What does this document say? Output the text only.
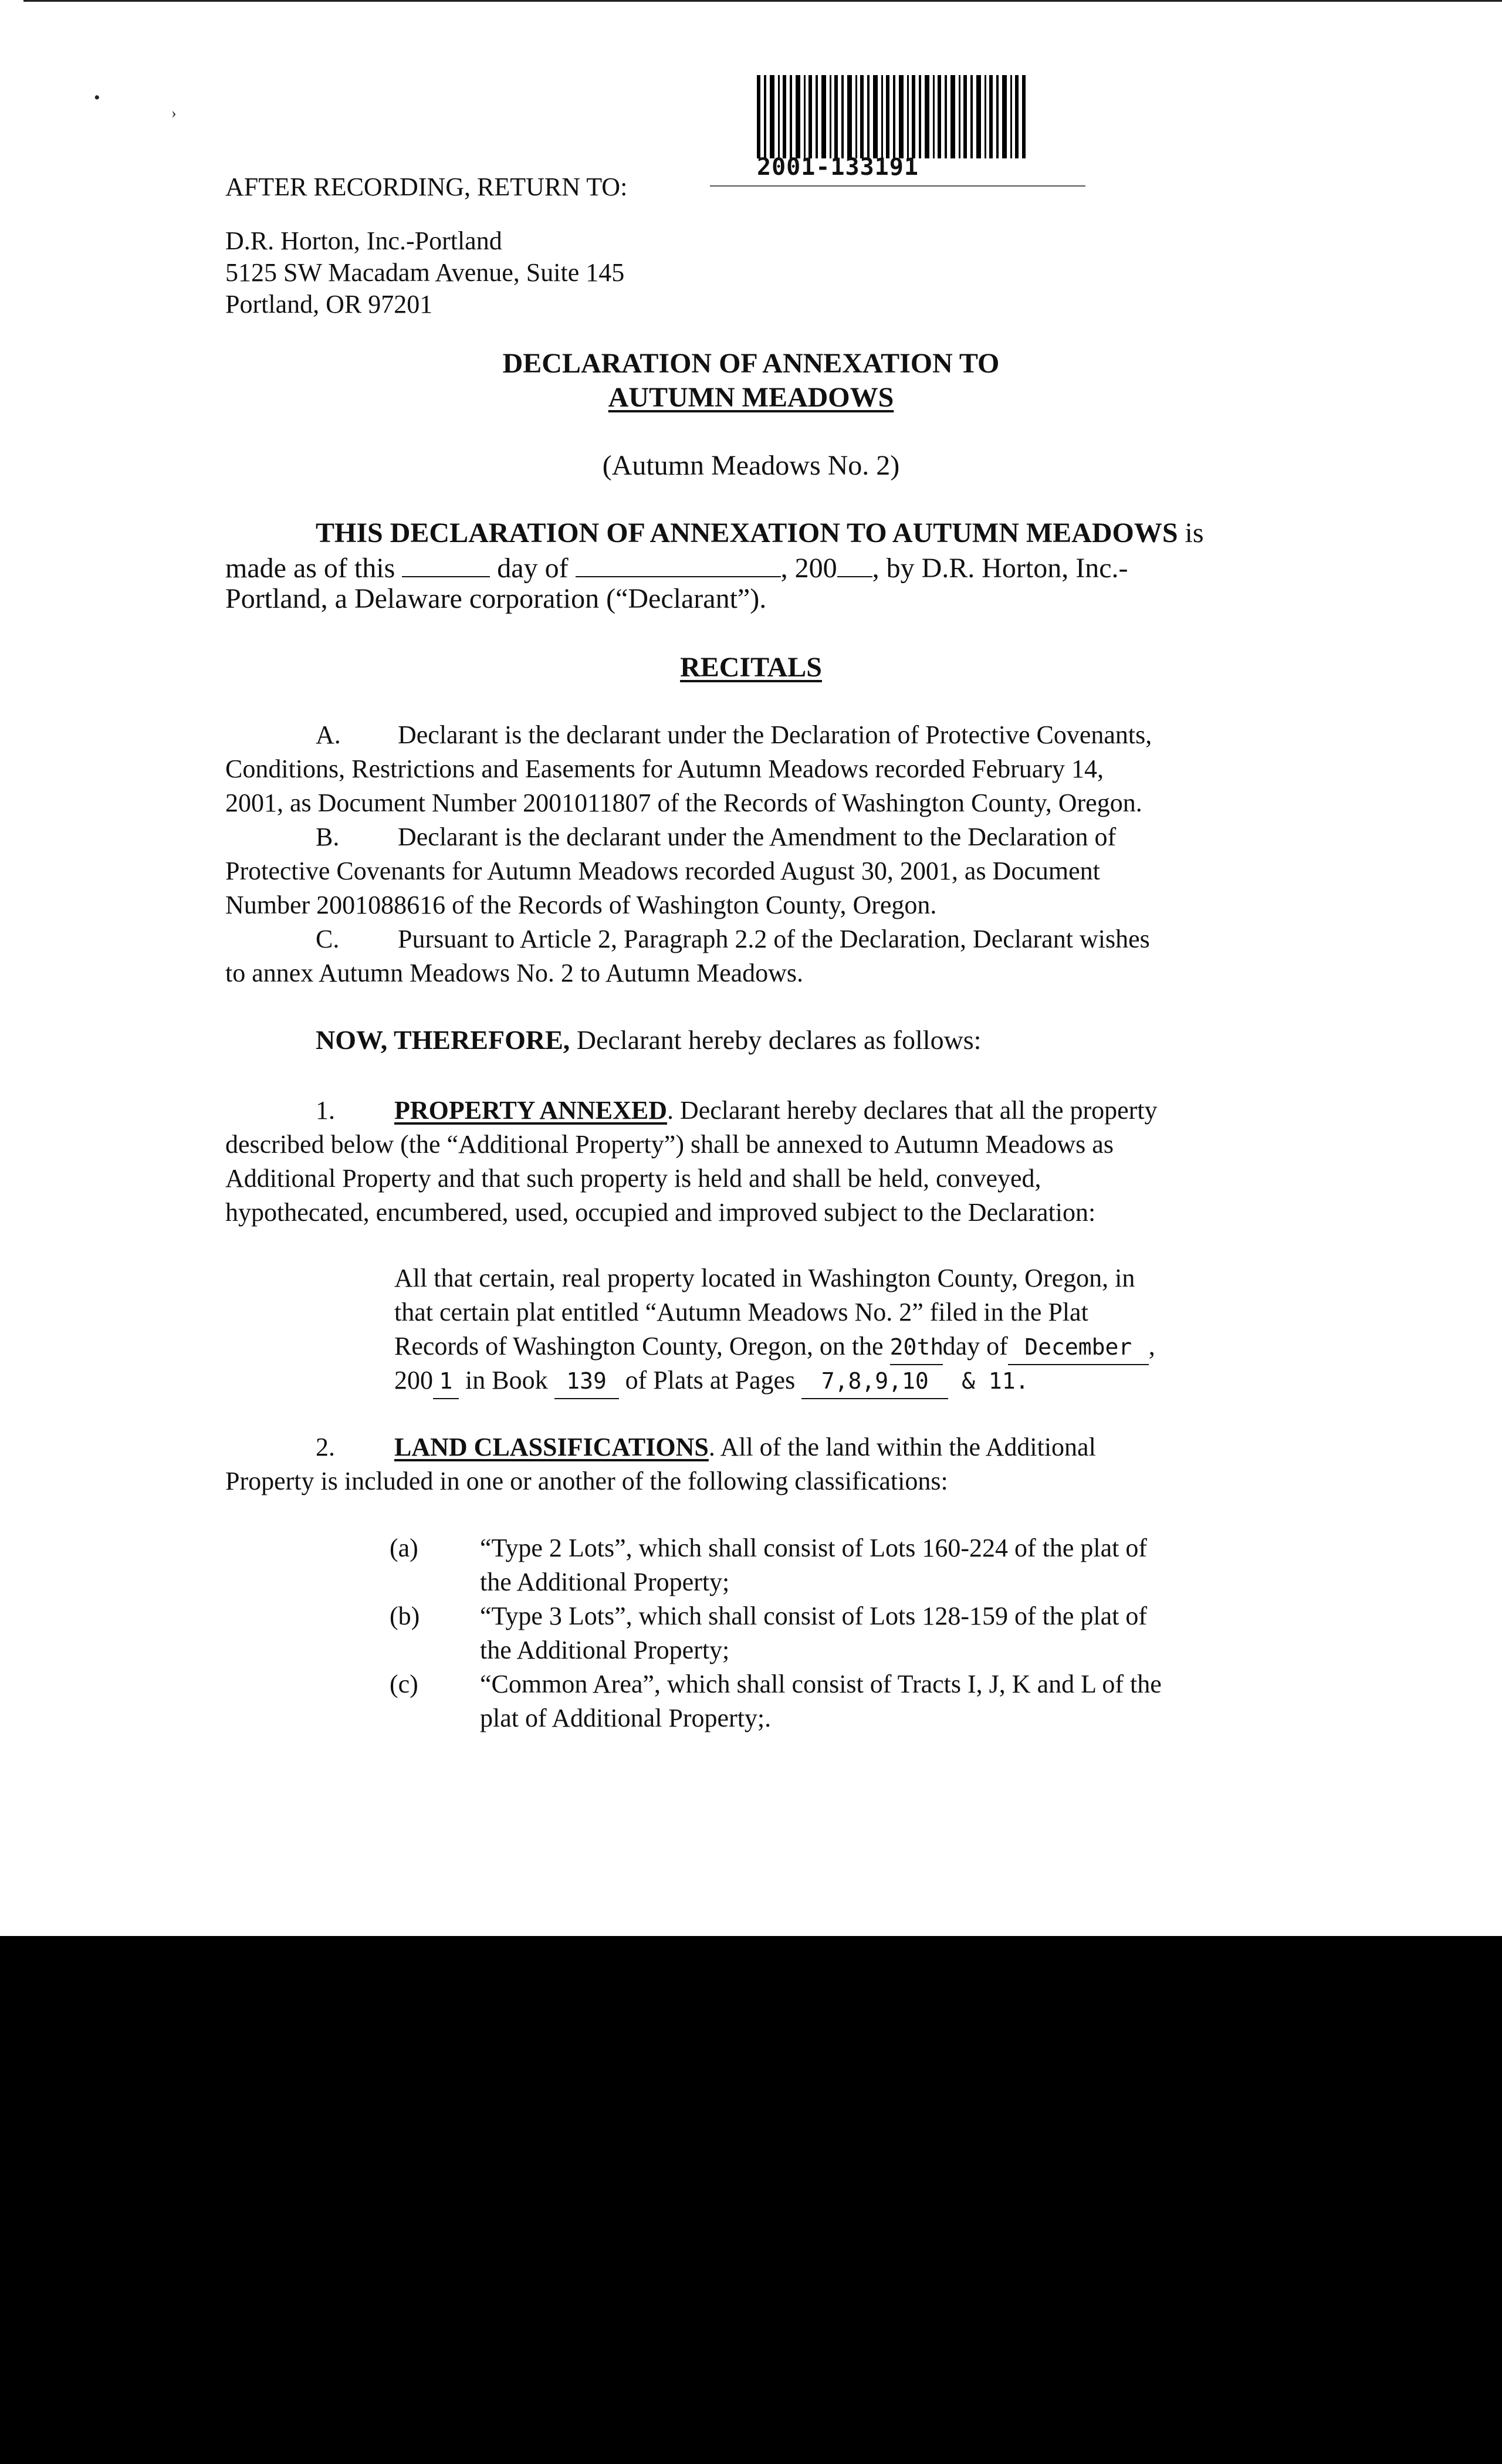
•
›
2001-133191
AFTER RECORDING, RETURN TO:
D.R. Horton, Inc.-Portland
5125 SW Macadam Avenue, Suite 145
Portland, OR 97201
DECLARATION OF ANNEXATION TO
AUTUMN MEADOWS
(Autumn Meadows No. 2)
THIS DECLARATION OF ANNEXATION TO AUTUMN MEADOWS is
made as of this	day of	, 200 , by D.R. Horton, Inc.-
Portland, a Delaware corporation (“Declarant”).
RECITALS
A. Declarant is the declarant under the Declaration of Protective Covenants,
Conditions, Restrictions and Easements for Autumn Meadows recorded February 14,
2001, as Document Number 2001011807 of the Records of Washington County, Oregon.
B. Declarant is the declarant under the Amendment to the Declaration of
Protective Covenants for Autumn Meadows recorded August 30, 2001, as Document
Number 2001088616 of the Records of Washington County, Oregon.
C. Pursuant to Article 2, Paragraph 2.2 of the Declaration, Declarant wishes
to annex Autumn Meadows No. 2 to Autumn Meadows.
NOW, THEREFORE, Declarant hereby declares as follows:
1. PROPERTY ANNEXED. Declarant hereby declares that all the property
described below (the “Additional Property”) shall be annexed to Autumn Meadows as
Additional Property and that such property is held and shall be held, conveyed,
hypothecated, encumbered, used, occupied and improved subject to the Declaration:
All that certain, real property located in Washington County, Oregon, in
that certain plat entitled “Autumn Meadows No. 2” filed in the Plat
Records of Washington County, Oregon, on the 20thday of December ,
200 1 in Book 139 of Plats at Pages 7,8,9,10 & 11.
2. LAND CLASSIFICATIONS. All of the land within the Additional
Property is included in one or another of the following classifications:
(a) “Type 2 Lots”, which shall consist of Lots 160-224 of the plat of
the Additional Property;
(b) “Type 3 Lots”, which shall consist of Lots 128-159 of the plat of
the Additional Property;
(c) “Common Area”, which shall consist of Tracts I, J, K and L of the
plat of Additional Property;.
